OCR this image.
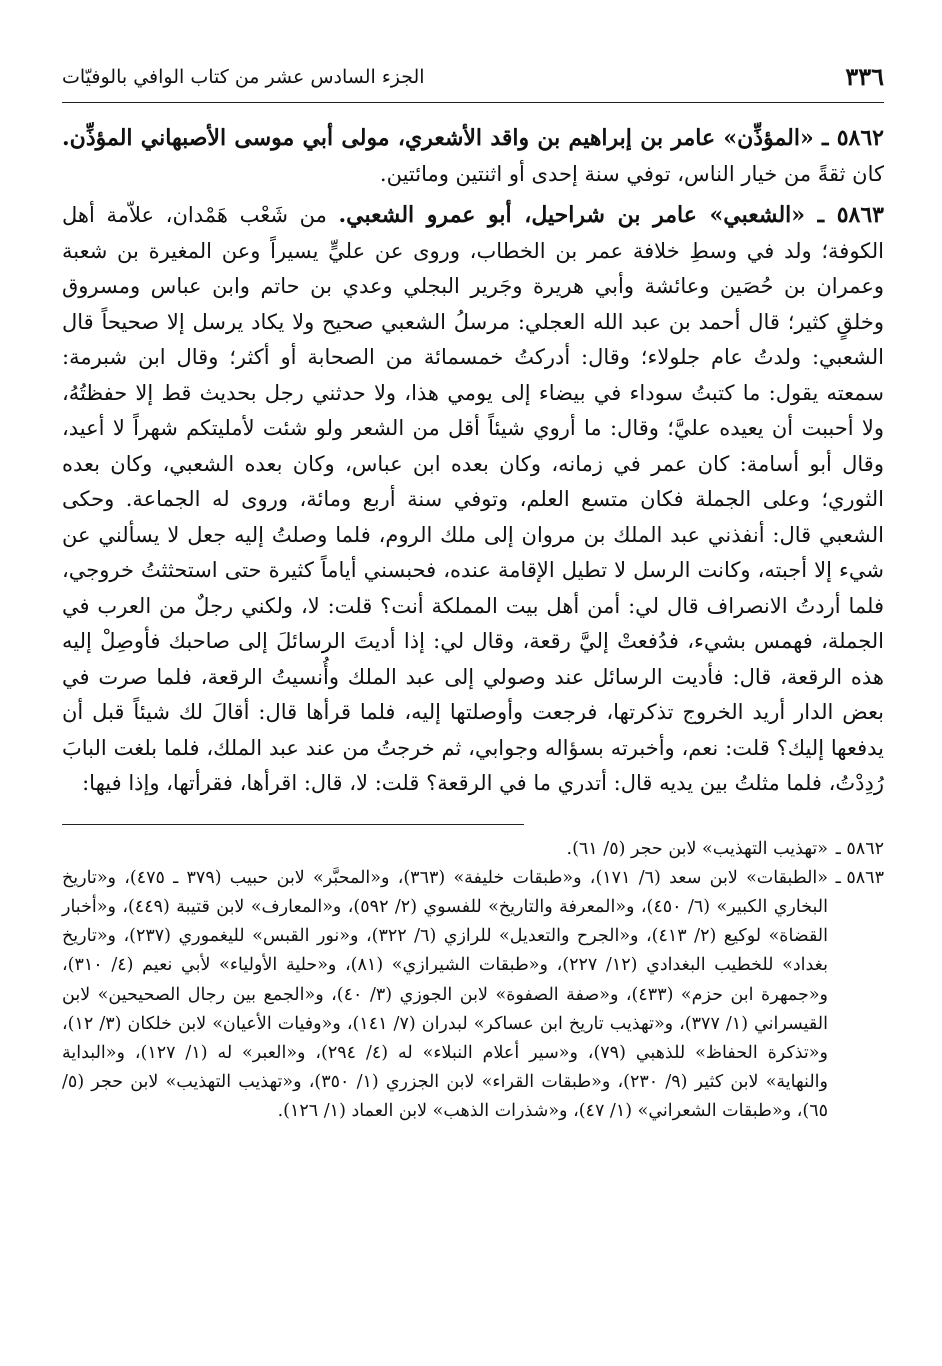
٣٣٦
الجزء السادس عشر من كتاب الوافي بالوفيّات

٥٨٦٢ ـ «المؤذِّن» عامر بن إبراهيم بن واقد الأشعري، مولى أبي موسى الأصبهاني المؤذِّن. كان ثقةً من خيار الناس، توفي سنة إحدى أو اثنتين ومائتين.

٥٨٦٣ ـ «الشعبي» عامر بن شراحيل، أبو عمرو الشعبي. من شَعْب هَمْدان، علاّمة أهل الكوفة؛ ولد في وسطِ خلافة عمر بن الخطاب، وروى عن عليٍّ يسيراً وعن المغيرة بن شعبة وعمران بن حُصَين وعائشة وأبي هريرة وجَرير البجلي وعدي بن حاتم وابن عباس ومسروق وخلقٍ كثير؛ قال أحمد بن عبد الله العجلي: مرسلُ الشعبي صحيح ولا يكاد يرسل إلا صحيحاً قال الشعبي: ولدتُ عام جلولاء؛ وقال: أدركتُ خمسمائة من الصحابة أو أكثر؛ وقال ابن شبرمة: سمعته يقول: ما كتبتُ سوداء في بيضاء إلى يومي هذا، ولا حدثني رجل بحديث قط إلا حفظتُهُ، ولا أحببت أن يعيده عليَّ؛ وقال: ما أروي شيئاً أقل من الشعر ولو شئت لأمليتكم شهراً لا أعيد، وقال أبو أسامة: كان عمر في زمانه، وكان بعده ابن عباس، وكان بعده الشعبي، وكان بعده الثوري؛ وعلى الجملة فكان متسع العلم، وتوفي سنة أربع ومائة، وروى له الجماعة. وحكى الشعبي قال: أنفذني عبد الملك بن مروان إلى ملك الروم، فلما وصلتُ إليه جعل لا يسألني عن شيء إلا أجبته، وكانت الرسل لا تطيل الإقامة عنده، فحبسني أياماً كثيرة حتى استحثثتُ خروجي، فلما أردتُ الانصراف قال لي: أمن أهل بيت المملكة أنت؟ قلت: لا، ولكني رجلٌ من العرب في الجملة، فهمس بشيء، فدُفعتْ إليَّ رقعة، وقال لي: إذا أديتَ الرسائلَ إلى صاحبك فأوصِلْ إليه هذه الرقعة، قال: فأديت الرسائل عند وصولي إلى عبد الملك وأُنسيتُ الرقعة، فلما صرت في بعض الدار أريد الخروج تذكرتها، فرجعت وأوصلتها إليه، فلما قرأها قال: أقالَ لك شيئاً قبل أن يدفعها إليك؟ قلت: نعم، وأخبرته بسؤاله وجوابي، ثم خرجتُ من عند عبد الملك، فلما بلغت البابَ رُدِدْتُ، فلما مثلتُ بين يديه قال: أتدري ما في الرقعة؟ قلت: لا، قال: اقرأها، فقرأتها، وإذا فيها:

٥٨٦٢ ـ«تهذيب التهذيب» لابن حجر (٥/ ٦١).

٥٨٦٣ ـ«الطبقات» لابن سعد (٦/ ١٧١)، و«طبقات خليفة» (٣٦٣)، و«المحبَّر» لابن حبيب (٣٧٩ ـ ٤٧٥)، و«تاريخ البخاري الكبير» (٦/ ٤٥٠)، و«المعرفة والتاريخ» للفسوي (٢/ ٥٩٢)، و«المعارف» لابن قتيبة (٤٤٩)، و«أخبار القضاة» لوكيع (٢/ ٤١٣)، و«الجرح والتعديل» للرازي (٦/ ٣٢٢)، و«نور القبس» لليغموري (٢٣٧)، و«تاريخ بغداد» للخطيب البغدادي (١٢/ ٢٢٧)، و«طبقات الشيرازي» (٨١)، و«حلية الأولياء» لأبي نعيم (٤/ ٣١٠)، و«جمهرة ابن حزم» (٤٣٣)، و«صفة الصفوة» لابن الجوزي (٣/ ٤٠)، و«الجمع بين رجال الصحيحين» لابن القيسراني (١/ ٣٧٧)، و«تهذيب تاريخ ابن عساكر» لبدران (٧/ ١٤١)، و«وفيات الأعيان» لابن خلكان (٣/ ١٢)، و«تذكرة الحفاظ» للذهبي (٧٩)، و«سير أعلام النبلاء» له (٤/ ٢٩٤)، و«العبر» له (١/ ١٢٧)، و«البداية والنهاية» لابن كثير (٩/ ٢٣٠)، و«طبقات القراء» لابن الجزري (١/ ٣٥٠)، و«تهذيب التهذيب» لابن حجر (٥/ ٦٥)، و«طبقات الشعراني» (١/ ٤٧)، و«شذرات الذهب» لابن العماد (١/ ١٢٦).
